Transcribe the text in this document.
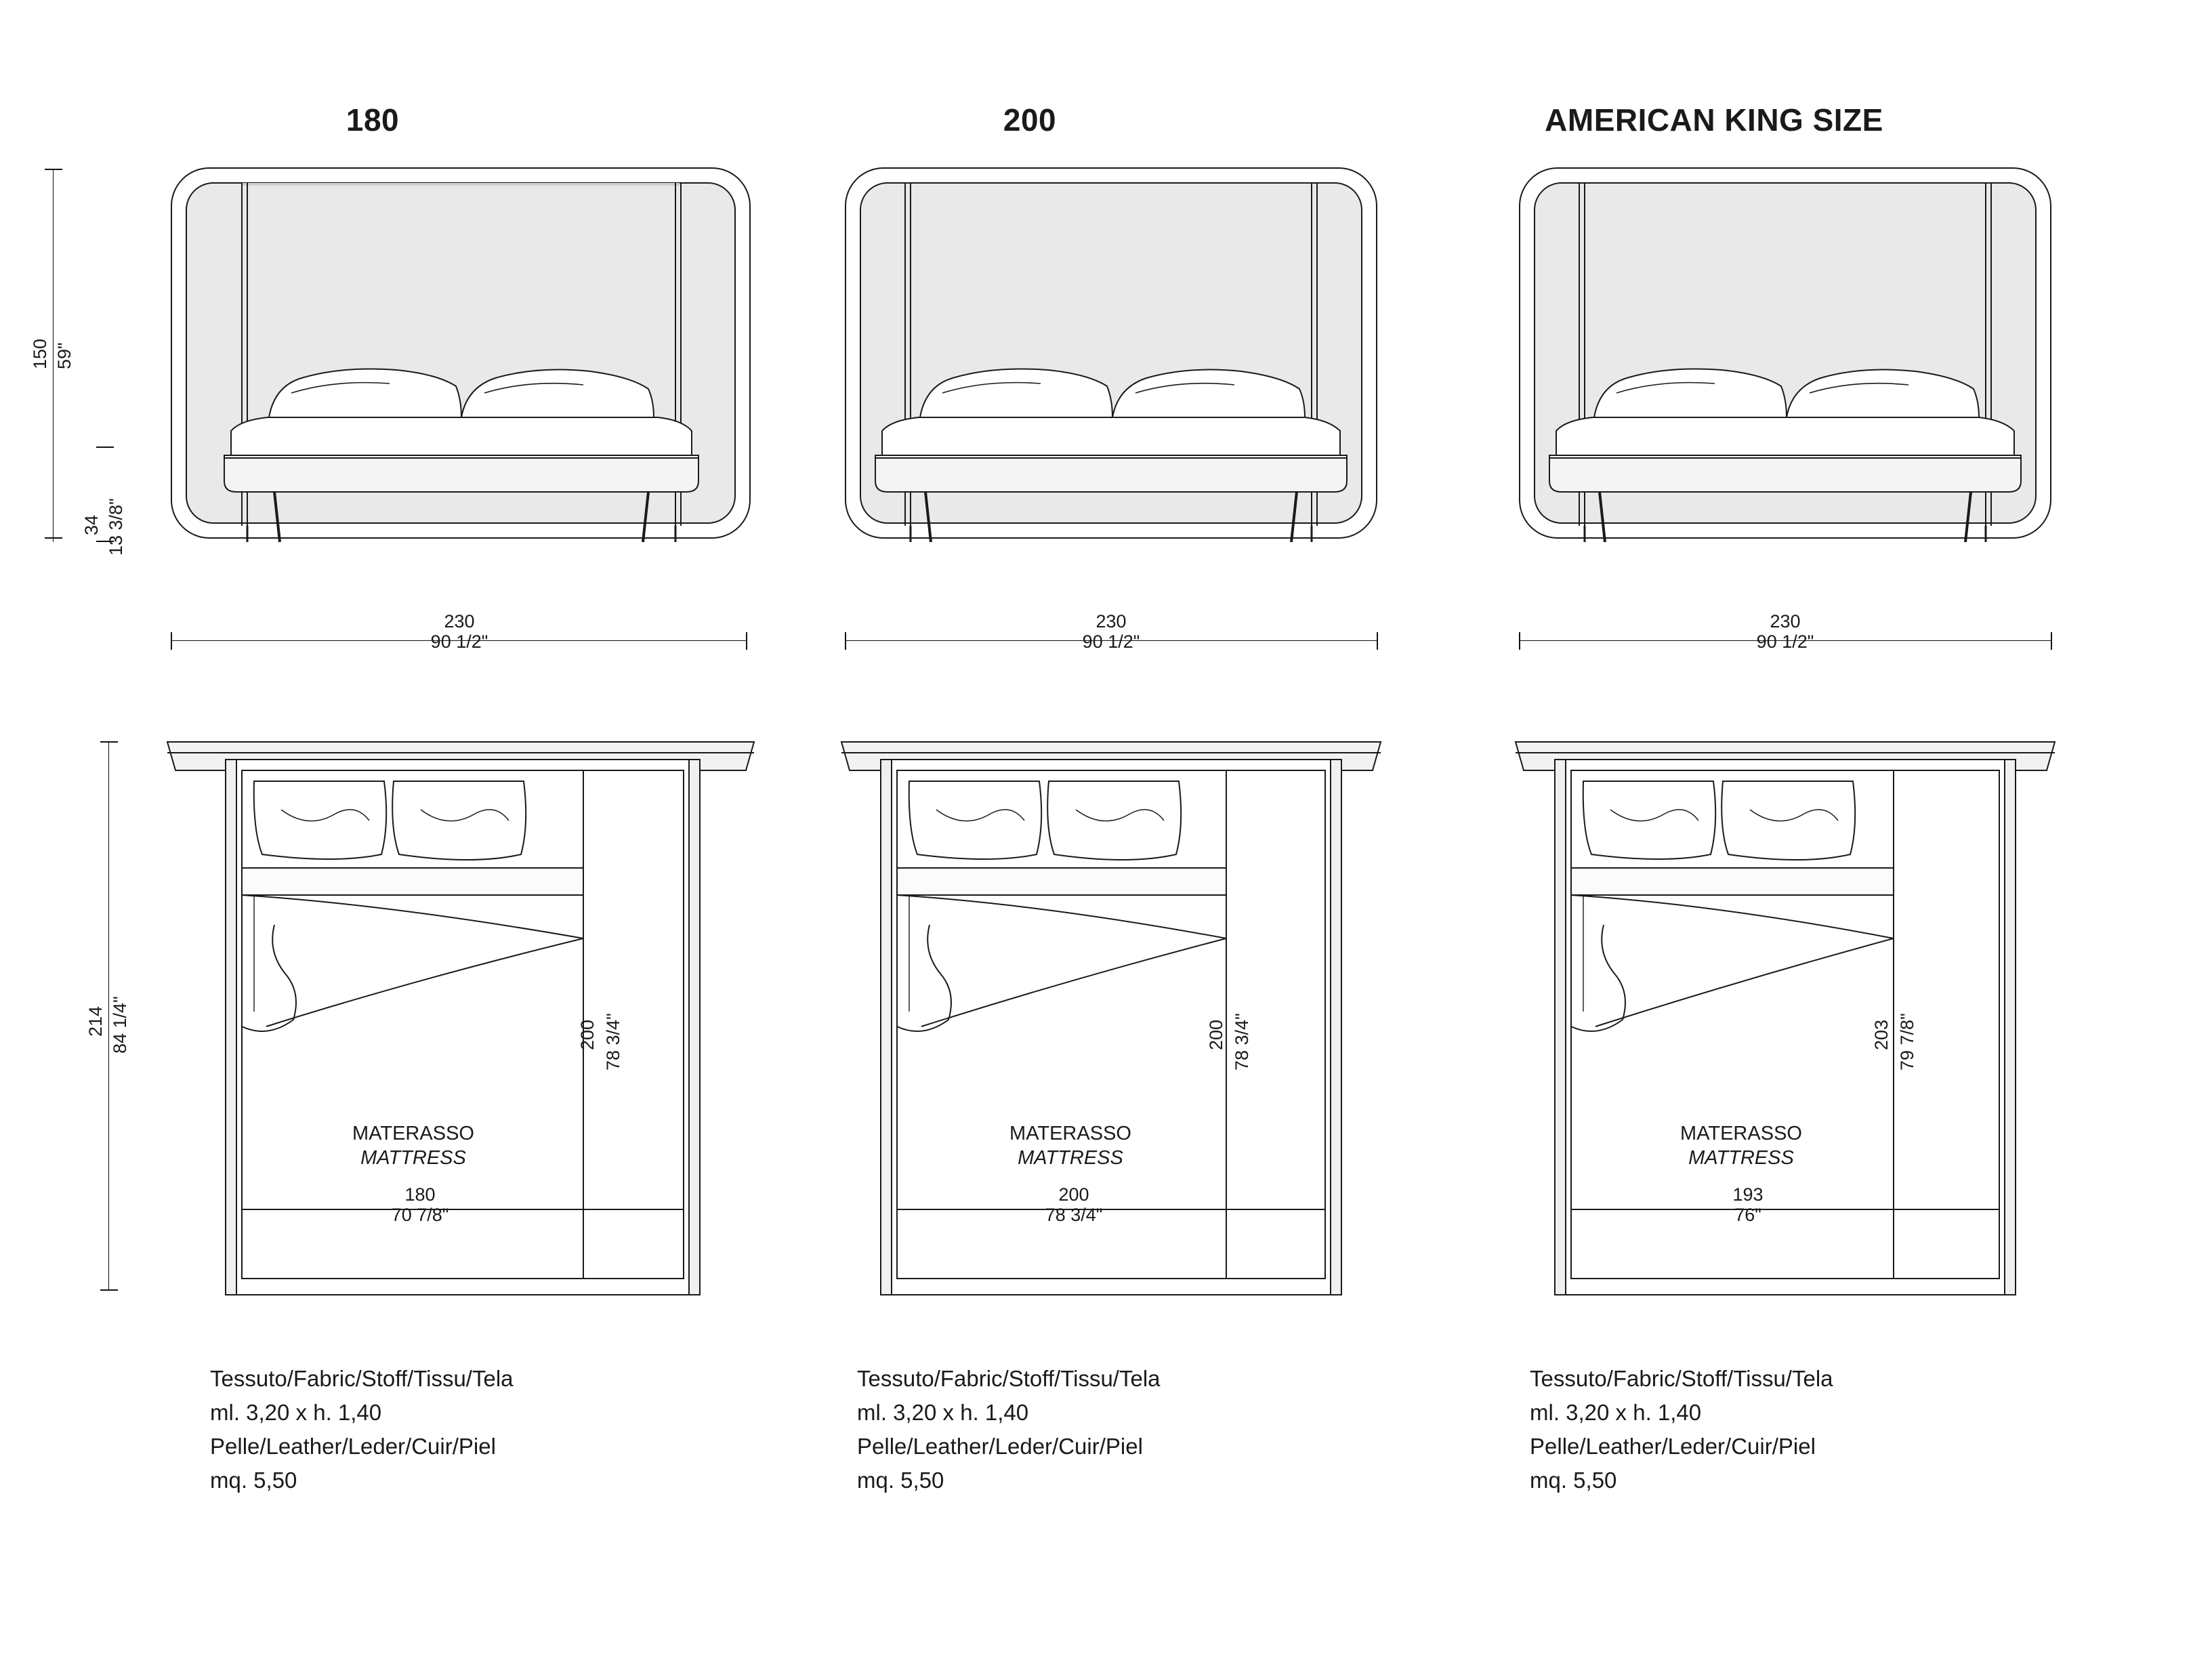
180	200	AMERICAN KING SIZE
150 59"
34 13 3/8"
214 84 1/4"
230
90 1/2"
200 78 3/4"
MATERASSO
MATTRESS
180
70 7/8"
Tessuto/Fabric/Stoff/Tissu/Tela
ml. 3,20 x h. 1,40
Pelle/Leather/Leder/Cuir/Piel
mq. 5,50
230
90 1/2"
200 78 3/4"
MATERASSO
MATTRESS
200
78 3/4"
Tessuto/Fabric/Stoff/Tissu/Tela
ml. 3,20 x h. 1,40
Pelle/Leather/Leder/Cuir/Piel
mq. 5,50
230
90 1/2"
203 79 7/8"
MATERASSO
MATTRESS
193
76"
Tessuto/Fabric/Stoff/Tissu/Tela
ml. 3,20 x h. 1,40
Pelle/Leather/Leder/Cuir/Piel
mq. 5,50
